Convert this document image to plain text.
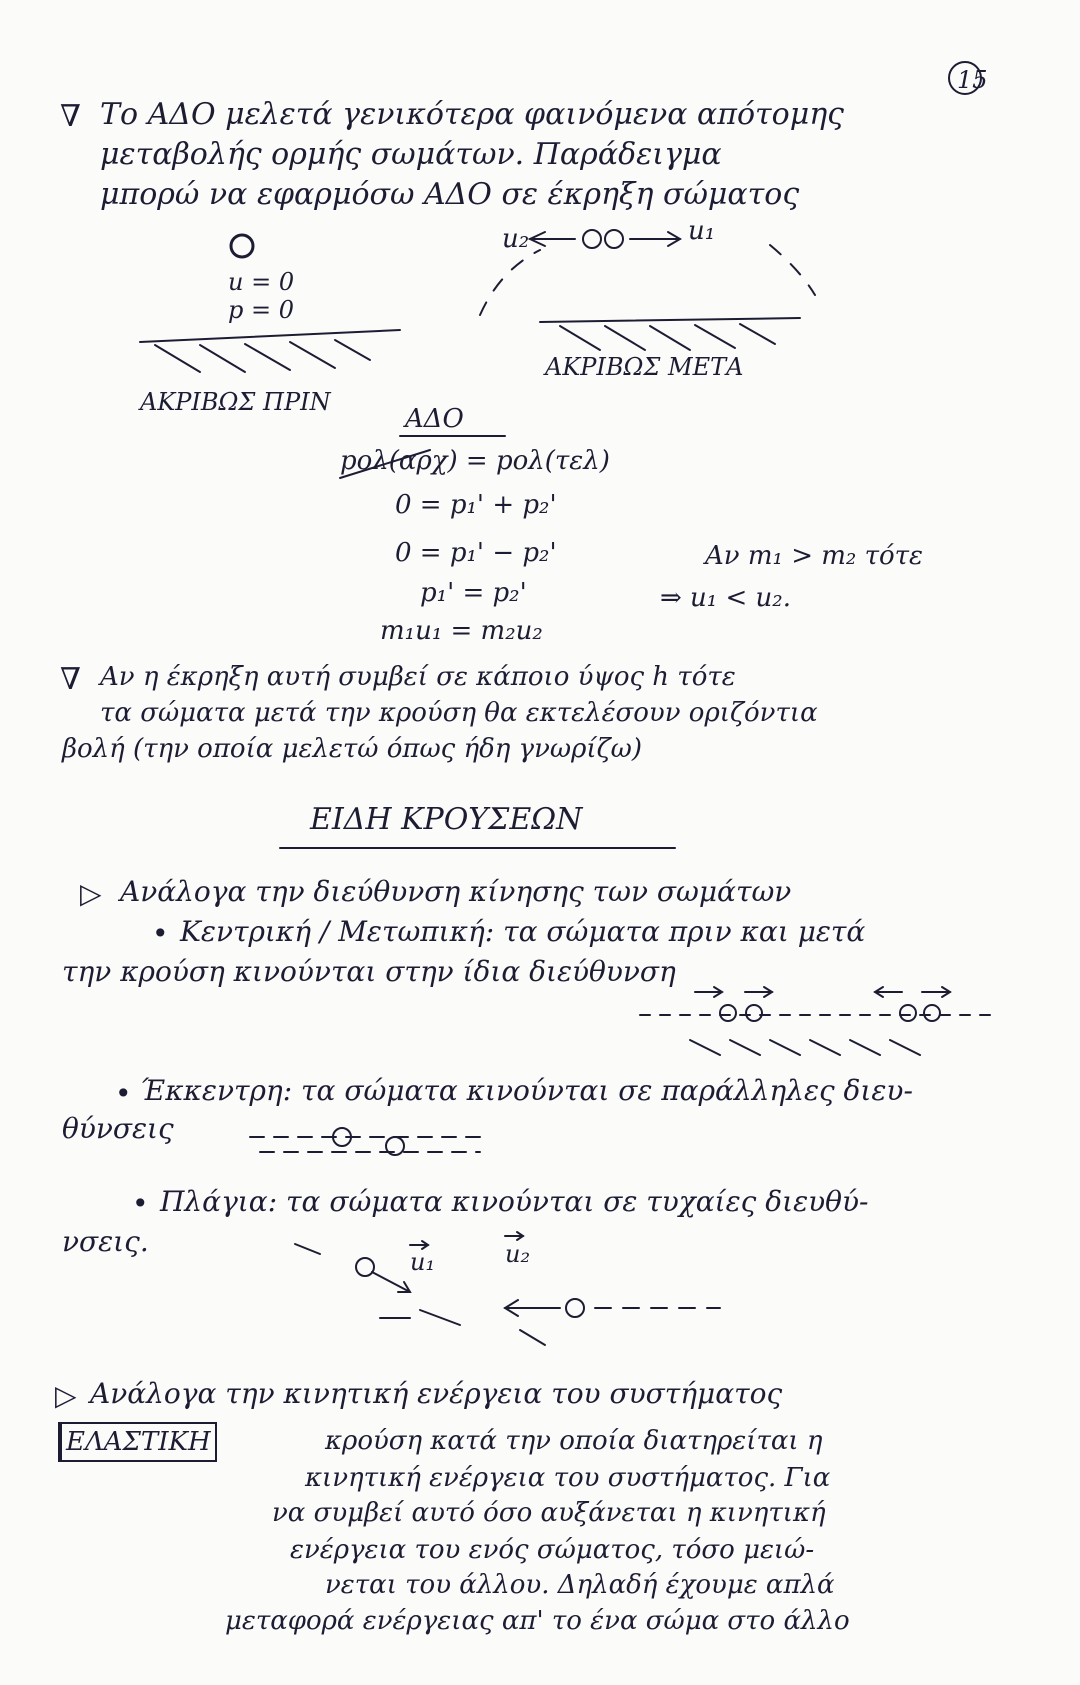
15
∇ Το ΑΔΟ μελετά γενικότερα φαινόμενα απότομης
μεταβολής ορμής σωμάτων. Παράδειγμα
μπορώ να εφαρμόσω ΑΔΟ σε έκρηξη σώματος
u = 0
p = 0
ΑΚΡΙΒΩΣ ΠΡΙΝ
ΑΚΡΙΒΩΣ ΜΕΤΑ
u₂	u₁
ΑΔΟ
pολ(αρχ) = pολ(τελ)
0 = p₁' + p₂'
0 = p₁' − p₂'
p₁' = p₂'
m₁u₁ = m₂u₂
Αν m₁ > m₂ τότε
⇒ u₁ < u₂.
∇ Αν η έκρηξη αυτή συμβεί σε κάποιο ύψος h τότε
τα σώματα μετά την κρούση θα εκτελέσουν οριζόντια
βολή (την οποία μελετώ όπως ήδη γνωρίζω)
ΕΙΔΗ ΚΡΟΥΣΕΩΝ
▷ Ανάλογα την διεύθυνση κίνησης των σωμάτων
• Κεντρική / Μετωπική: τα σώματα πριν και μετά
την κρούση κινούνται στην ίδια διεύθυνση
• Έκκεντρη: τα σώματα κινούνται σε παράλληλες διευ-
θύνσεις
• Πλάγια: τα σώματα κινούνται σε τυχαίες διευθύ-
νσεις.
u₁	u₂
▷ Ανάλογα την κινητική ενέργεια του συστήματος
ΕΛΑΣΤΙΚΗ	κρούση κατά την οποία διατηρείται η
κινητική ενέργεια του συστήματος. Για
να συμβεί αυτό όσο αυξάνεται η κινητική
ενέργεια του ενός σώματος, τόσο μειώ-
νεται του άλλου. Δηλαδή έχουμε απλά
μεταφορά ενέργειας απ' το ένα σώμα στο άλλο
